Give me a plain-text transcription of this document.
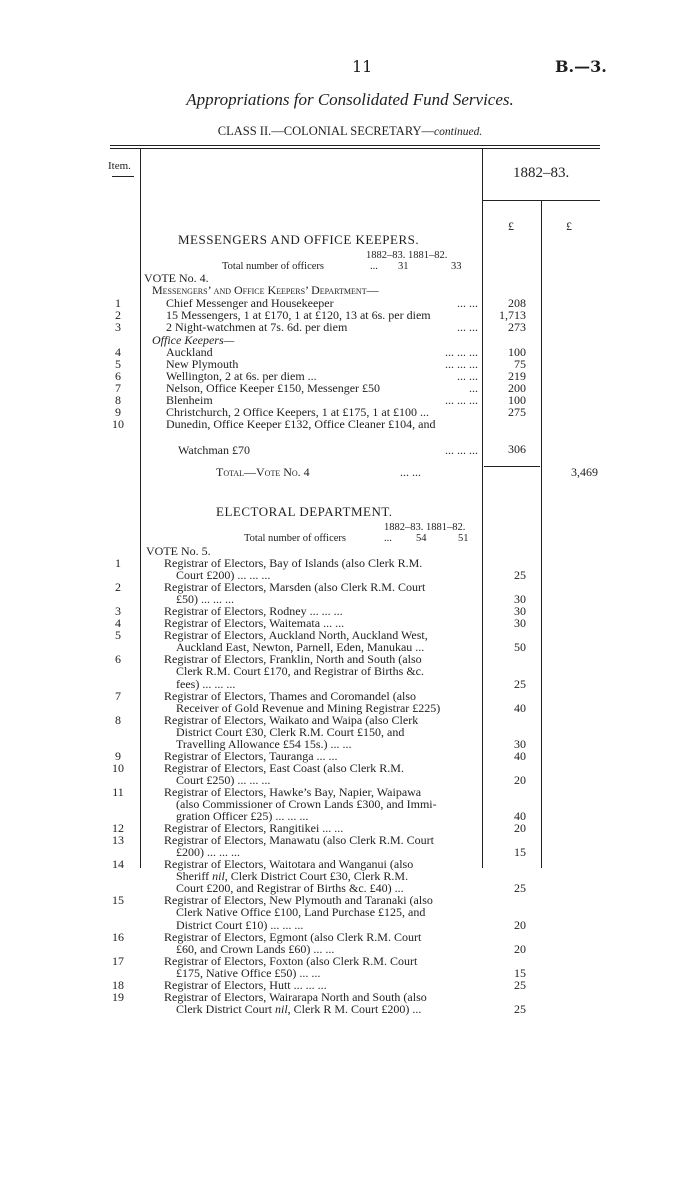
11	B.—3.
Appropriations for Consolidated Fund Services.
CLASS II.—COLONIAL SECRETARY—continued.
Item.	1882–83.
£	£
MESSENGERS AND OFFICE KEEPERS.
1882–83. 1881–82.
Total number of officers	... 31	33
VOTE No. 4.
Messengers’ and Office Keepers’ Department—
1	Chief Messenger and Housekeeper	... ...	208
2	15 Messengers, 1 at £170, 1 at £120, 13 at 6s. per diem	1,713
3	2 Night-watchmen at 7s. 6d. per diem	... ...	273
Office Keepers—
4	Auckland	... ... ...	100
5	New Plymouth	... ... ...	75
6	Wellington, 2 at 6s. per diem ...	... ...	219
7	Nelson, Office Keeper £150, Messenger £50	...	200
8	Blenheim	... ... ...	100
9	Christchurch, 2 Office Keepers, 1 at £175, 1 at £100 ...	275
10	Dunedin, Office Keeper £132, Office Cleaner £104, and
Watchman £70	... ... ...	306
Total—Vote No. 4	... ...	3,469
ELECTORAL DEPARTMENT.
1882–83. 1881–82.
Total number of officers	... 54	51
VOTE No. 5.
1	Registrar of Electors, Bay of Islands (also Clerk R.M.
Court £200) ... ... ...	25
2	Registrar of Electors, Marsden (also Clerk R.M. Court
£50) ... ... ...	30
3	Registrar of Electors, Rodney ... ... ...	30
4	Registrar of Electors, Waitemata ... ...	30
5	Registrar of Electors, Auckland North, Auckland West,
Auckland East, Newton, Parnell, Eden, Manukau ...	50
6	Registrar of Electors, Franklin, North and South (also
Clerk R.M. Court £170, and Registrar of Births &c.
fees) ... ... ...	25
7	Registrar of Electors, Thames and Coromandel (also
Receiver of Gold Revenue and Mining Registrar £225)	40
8	Registrar of Electors, Waikato and Waipa (also Clerk
District Court £30, Clerk R.M. Court £150, and
Travelling Allowance £54 15s.) ... ...	30
9	Registrar of Electors, Tauranga ... ...	40
10	Registrar of Electors, East Coast (also Clerk R.M.
Court £250) ... ... ...	20
11	Registrar of Electors, Hawke’s Bay, Napier, Waipawa
(also Commissioner of Crown Lands £300, and Immi-
gration Officer £25) ... ... ...	40
12	Registrar of Electors, Rangitikei ... ...	20
13	Registrar of Electors, Manawatu (also Clerk R.M. Court
£200) ... ... ...	15
14	Registrar of Electors, Waitotara and Wanganui (also
Sheriff nil, Clerk District Court £30, Clerk R.M.
Court £200, and Registrar of Births &c. £40) ...	25
15	Registrar of Electors, New Plymouth and Taranaki (also
Clerk Native Office £100, Land Purchase £125, and
District Court £10) ... ... ...	20
16	Registrar of Electors, Egmont (also Clerk R.M. Court
£60, and Crown Lands £60) ... ...	20
17	Registrar of Electors, Foxton (also Clerk R.M. Court
£175, Native Office £50) ... ...	15
18	Registrar of Electors, Hutt ... ... ...	25
19	Registrar of Electors, Wairarapa North and South (also
Clerk District Court nil, Clerk R M. Court £200) ...	25
